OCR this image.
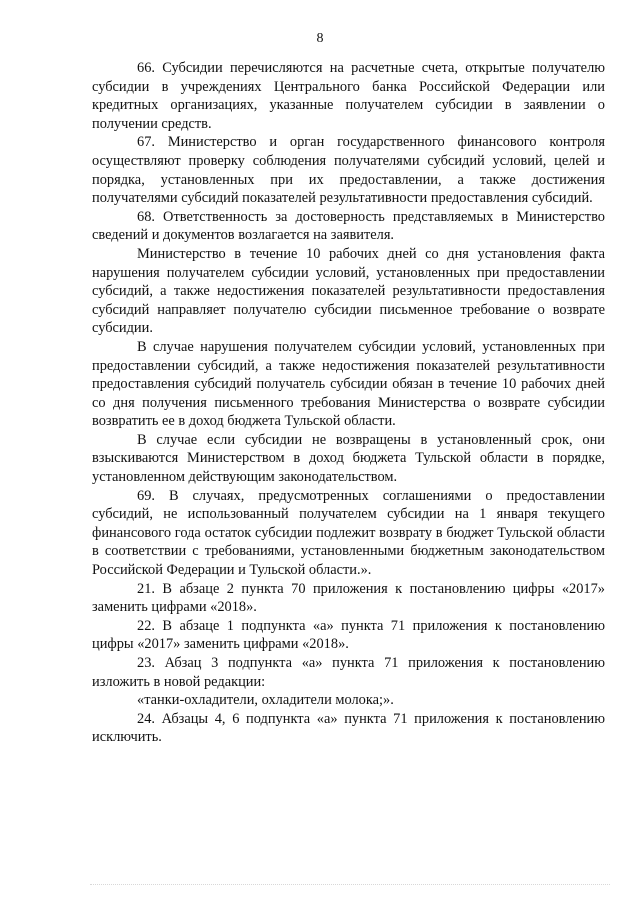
8

66. Субсидии перечисляются на расчетные счета, открытые получателю субсидии в учреждениях Центрального банка Российской Федерации или кредитных организациях, указанные получателем субсидии в заявлении о получении средств.

67. Министерство и орган государственного финансового контроля осуществляют проверку соблюдения получателями субсидий условий, целей и порядка, установленных при их предоставлении, а также достижения получателями субсидий показателей результативности предоставления субсидий.

68. Ответственность за достоверность представляемых в Министерство сведений и документов возлагается на заявителя.

Министерство в течение 10 рабочих дней со дня установления факта нарушения получателем субсидии условий, установленных при предоставлении субсидий, а также недостижения показателей результативности предоставления субсидий направляет получателю субсидии письменное требование о возврате субсидии.

В случае нарушения получателем субсидии условий, установленных при предоставлении субсидий, а также недостижения показателей результативности предоставления субсидий получатель субсидии обязан в течение 10 рабочих дней со дня получения письменного требования Министерства о возврате субсидии возвратить ее в доход бюджета Тульской области.

В случае если субсидии не возвращены в установленный срок, они взыскиваются Министерством в доход бюджета Тульской области в порядке, установленном действующим законодательством.

69. В случаях, предусмотренных соглашениями о предоставлении субсидий, не использованный получателем субсидии на 1 января текущего финансового года остаток субсидии подлежит возврату в бюджет Тульской области в соответствии с требованиями, установленными бюджетным законодательством Российской Федерации и Тульской области.».

21. В абзаце 2 пункта 70 приложения к постановлению цифры «2017» заменить цифрами «2018».

22. В абзаце 1 подпункта «а» пункта 71 приложения к постановлению цифры «2017» заменить цифрами «2018».

23. Абзац 3 подпункта «а» пункта 71 приложения к постановлению изложить в новой редакции:

«танки-охладители, охладители молока;».

24. Абзацы 4, 6 подпункта «а» пункта 71 приложения к постановлению исключить.
